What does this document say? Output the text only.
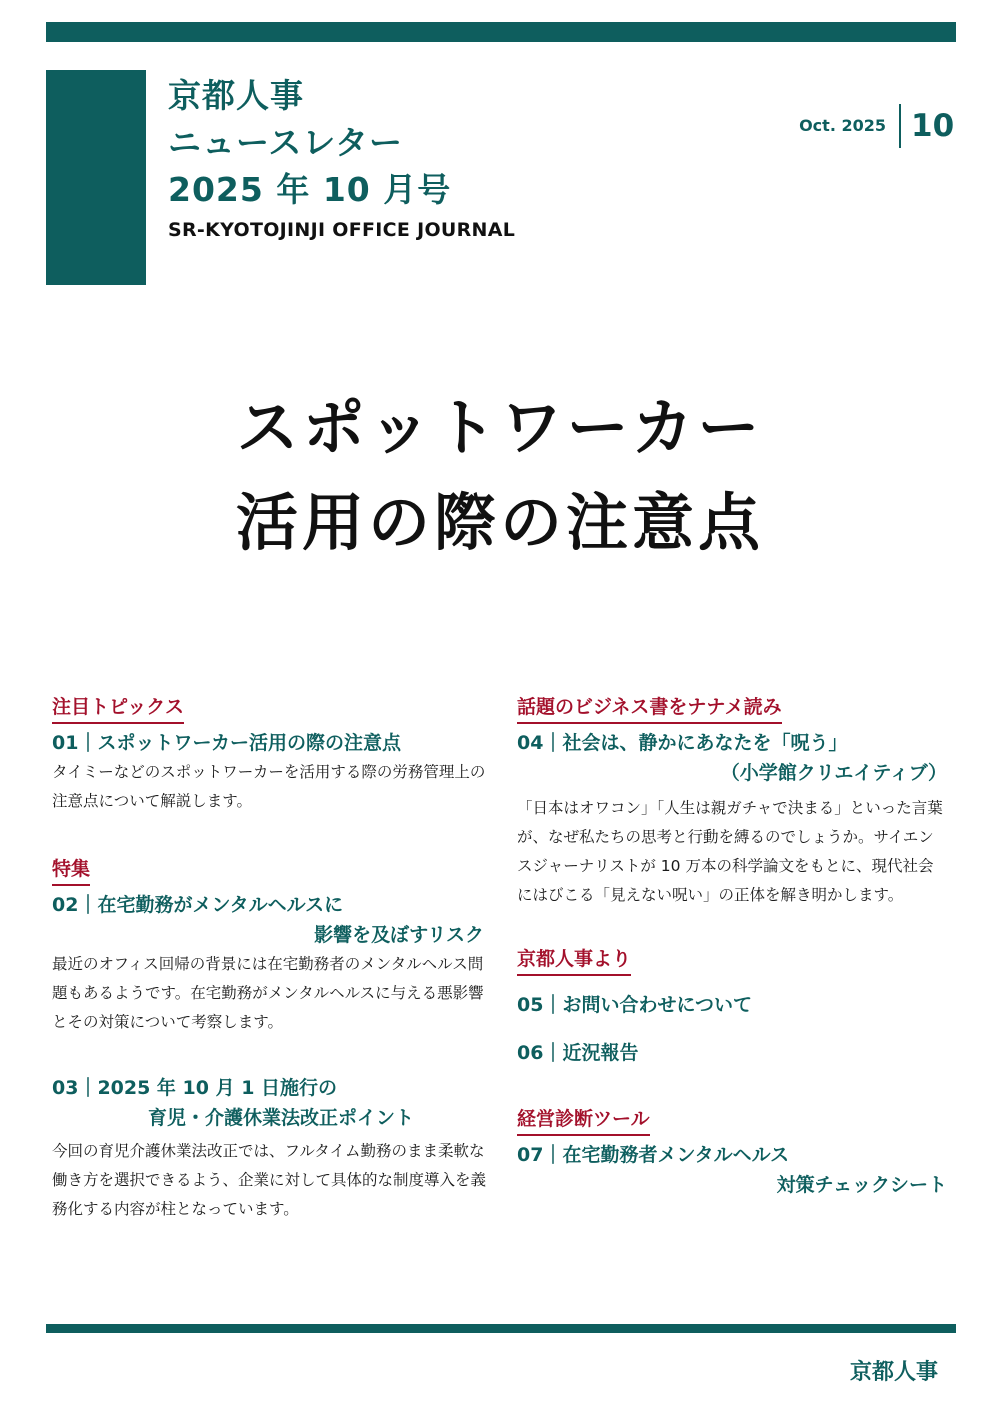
京都人事
ニュースレター
2025 年 10 月号
SR-KYOTOJINJI OFFICE JOURNAL
Oct. 2025 10
スポットワーカー
活用の際の注意点
注目トピックス
01｜スポットワーカー活用の際の注意点
タイミーなどのスポットワーカーを活用する際の労務管理上の注意点について解説します。
特集
02｜在宅勤務がメンタルヘルスに
影響を及ぼすリスク
最近のオフィス回帰の背景には在宅勤務者のメンタルヘルス問題もあるようです。在宅勤務がメンタルヘルスに与える悪影響とその対策について考察します。
03｜2025 年 10 月 1 日施行の
育児・介護休業法改正ポイント
今回の育児介護休業法改正では、フルタイム勤務のまま柔軟な働き方を選択できるよう、企業に対して具体的な制度導入を義務化する内容が柱となっています。
話題のビジネス書をナナメ読み
04｜社会は、静かにあなたを「呪う」
（小学館クリエイティブ）
「日本はオワコン」「人生は親ガチャで決まる」といった言葉が、なぜ私たちの思考と行動を縛るのでしょうか。サイエンスジャーナリストが 10 万本の科学論文をもとに、現代社会にはびこる「見えない呪い」の正体を解き明かします。
京都人事より
05｜お問い合わせについて
06｜近況報告
経営診断ツール
07｜在宅勤務者メンタルヘルス
対策チェックシート
京都人事
